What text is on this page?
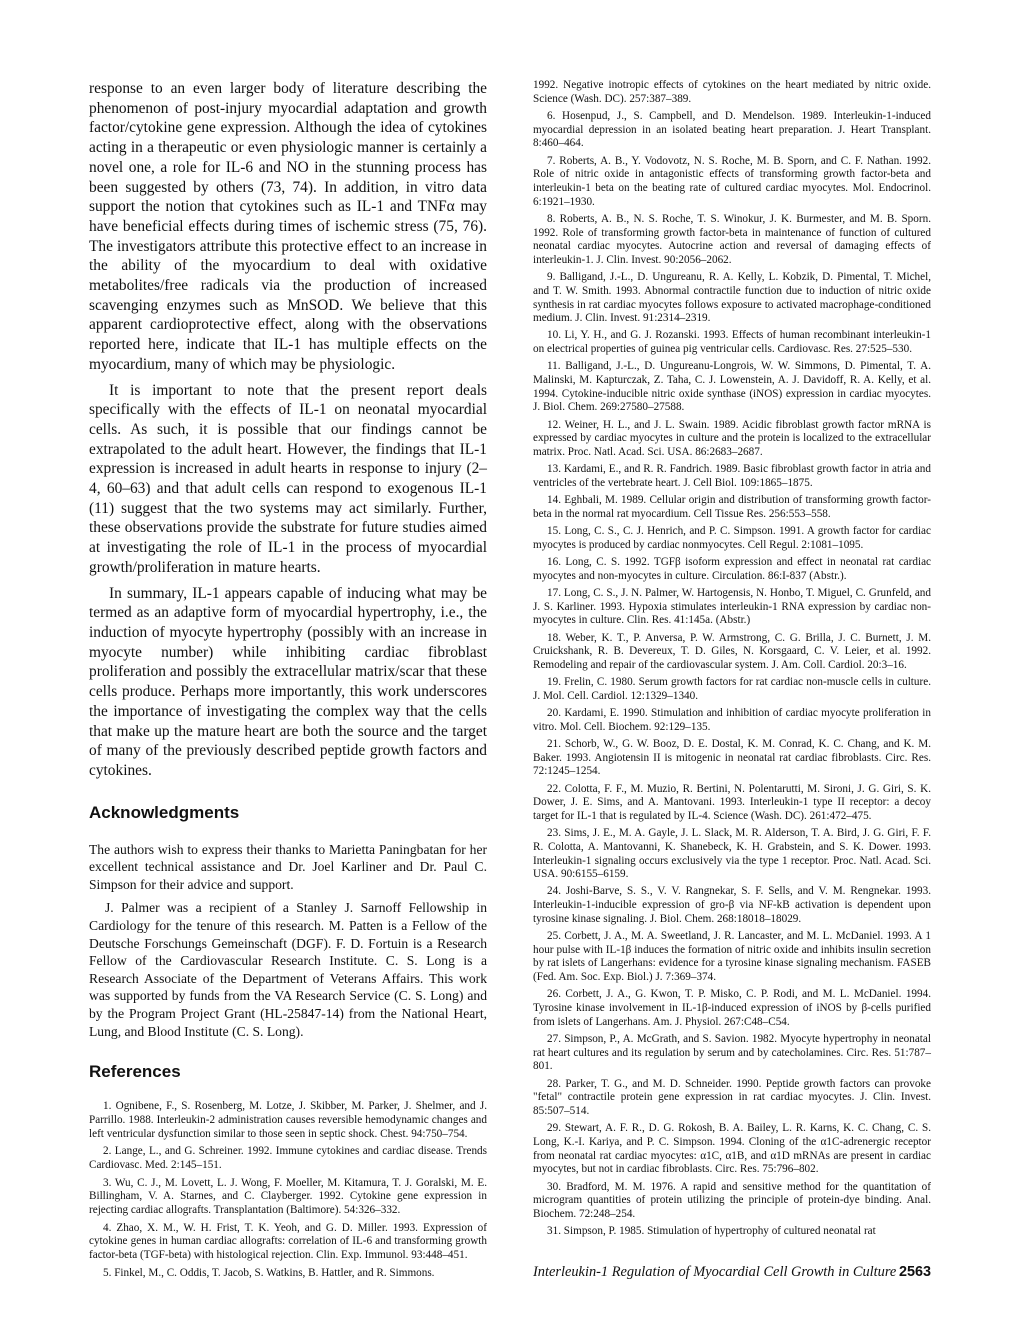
response to an even larger body of literature describing the phenomenon of post-injury myocardial adaptation and growth factor/cytokine gene expression. Although the idea of cytokines acting in a therapeutic or even physiologic manner is certainly a novel one, a role for IL-6 and NO in the stunning process has been suggested by others (73, 74). In addition, in vitro data support the notion that cytokines such as IL-1 and TNFα may have beneficial effects during times of ischemic stress (75, 76). The investigators attribute this protective effect to an increase in the ability of the myocardium to deal with oxidative metabolites/free radicals via the production of increased scavenging enzymes such as MnSOD. We believe that this apparent cardioprotective effect, along with the observations reported here, indicate that IL-1 has multiple effects on the myocardium, many of which may be physiologic.

It is important to note that the present report deals specifically with the effects of IL-1 on neonatal myocardial cells. As such, it is possible that our findings cannot be extrapolated to the adult heart. However, the findings that IL-1 expression is increased in adult hearts in response to injury (2–4, 60–63) and that adult cells can respond to exogenous IL-1 (11) suggest that the two systems may act similarly. Further, these observations provide the substrate for future studies aimed at investigating the role of IL-1 in the process of myocardial growth/proliferation in mature hearts.

In summary, IL-1 appears capable of inducing what may be termed as an adaptive form of myocardial hypertrophy, i.e., the induction of myocyte hypertrophy (possibly with an increase in myocyte number) while inhibiting cardiac fibroblast proliferation and possibly the extracellular matrix/scar that these cells produce. Perhaps more importantly, this work underscores the importance of investigating the complex way that the cells that make up the mature heart are both the source and the target of many of the previously described peptide growth factors and cytokines.

Acknowledgments

The authors wish to express their thanks to Marietta Paningbatan for her excellent technical assistance and Dr. Joel Karliner and Dr. Paul C. Simpson for their advice and support.

J. Palmer was a recipient of a Stanley J. Sarnoff Fellowship in Cardiology for the tenure of this research. M. Patten is a Fellow of the Deutsche Forschungs Gemeinschaft (DGF). F. D. Fortuin is a Research Fellow of the Cardiovascular Research Institute. C. S. Long is a Research Associate of the Department of Veterans Affairs. This work was supported by funds from the VA Research Service (C. S. Long) and by the Program Project Grant (HL-25847-14) from the National Heart, Lung, and Blood Institute (C. S. Long).

References

1. Ognibene, F., S. Rosenberg, M. Lotze, J. Skibber, M. Parker, J. Shelmer, and J. Parrillo. 1988. Interleukin-2 administration causes reversible hemodynamic changes and left ventricular dysfunction similar to those seen in septic shock. Chest. 94:750–754.

2. Lange, L., and G. Schreiner. 1992. Immune cytokines and cardiac disease. Trends Cardiovasc. Med. 2:145–151.

3. Wu, C. J., M. Lovett, L. J. Wong, F. Moeller, M. Kitamura, T. J. Goralski, M. E. Billingham, V. A. Starnes, and C. Clayberger. 1992. Cytokine gene expression in rejecting cardiac allografts. Transplantation (Baltimore). 54:326–332.

4. Zhao, X. M., W. H. Frist, T. K. Yeoh, and G. D. Miller. 1993. Expression of cytokine genes in human cardiac allografts: correlation of IL-6 and transforming growth factor-beta (TGF-beta) with histological rejection. Clin. Exp. Immunol. 93:448–451.

5. Finkel, M., C. Oddis, T. Jacob, S. Watkins, B. Hattler, and R. Simmons.

1992. Negative inotropic effects of cytokines on the heart mediated by nitric oxide. Science (Wash. DC). 257:387–389.

6. Hosenpud, J., S. Campbell, and D. Mendelson. 1989. Interleukin-1-induced myocardial depression in an isolated beating heart preparation. J. Heart Transplant. 8:460–464.

7. Roberts, A. B., Y. Vodovotz, N. S. Roche, M. B. Sporn, and C. F. Nathan. 1992. Role of nitric oxide in antagonistic effects of transforming growth factor-beta and interleukin-1 beta on the beating rate of cultured cardiac myocytes. Mol. Endocrinol. 6:1921–1930.

8. Roberts, A. B., N. S. Roche, T. S. Winokur, J. K. Burmester, and M. B. Sporn. 1992. Role of transforming growth factor-beta in maintenance of function of cultured neonatal cardiac myocytes. Autocrine action and reversal of damaging effects of interleukin-1. J. Clin. Invest. 90:2056–2062.

9. Balligand, J.-L., D. Ungureanu, R. A. Kelly, L. Kobzik, D. Pimental, T. Michel, and T. W. Smith. 1993. Abnormal contractile function due to induction of nitric oxide synthesis in rat cardiac myocytes follows exposure to activated macrophage-conditioned medium. J. Clin. Invest. 91:2314–2319.

10. Li, Y. H., and G. J. Rozanski. 1993. Effects of human recombinant interleukin-1 on electrical properties of guinea pig ventricular cells. Cardiovasc. Res. 27:525–530.

11. Balligand, J.-L., D. Ungureanu-Longrois, W. W. Simmons, D. Pimental, T. A. Malinski, M. Kapturczak, Z. Taha, C. J. Lowenstein, A. J. Davidoff, R. A. Kelly, et al. 1994. Cytokine-inducible nitric oxide synthase (iNOS) expression in cardiac myocytes. J. Biol. Chem. 269:27580–27588.

12. Weiner, H. L., and J. L. Swain. 1989. Acidic fibroblast growth factor mRNA is expressed by cardiac myocytes in culture and the protein is localized to the extracellular matrix. Proc. Natl. Acad. Sci. USA. 86:2683–2687.

13. Kardami, E., and R. R. Fandrich. 1989. Basic fibroblast growth factor in atria and ventricles of the vertebrate heart. J. Cell Biol. 109:1865–1875.

14. Eghbali, M. 1989. Cellular origin and distribution of transforming growth factor-beta in the normal rat myocardium. Cell Tissue Res. 256:553–558.

15. Long, C. S., C. J. Henrich, and P. C. Simpson. 1991. A growth factor for cardiac myocytes is produced by cardiac nonmyocytes. Cell Regul. 2:1081–1095.

16. Long, C. S. 1992. TGFβ isoform expression and effect in neonatal rat cardiac myocytes and non-myocytes in culture. Circulation. 86:I-837 (Abstr.).

17. Long, C. S., J. N. Palmer, W. Hartogensis, N. Honbo, T. Miguel, C. Grunfeld, and J. S. Karliner. 1993. Hypoxia stimulates interleukin-1 RNA expression by cardiac non-myocytes in culture. Clin. Res. 41:145a. (Abstr.)

18. Weber, K. T., P. Anversa, P. W. Armstrong, C. G. Brilla, J. C. Burnett, J. M. Cruickshank, R. B. Devereux, T. D. Giles, N. Korsgaard, C. V. Leier, et al. 1992. Remodeling and repair of the cardiovascular system. J. Am. Coll. Cardiol. 20:3–16.

19. Frelin, C. 1980. Serum growth factors for rat cardiac non-muscle cells in culture. J. Mol. Cell. Cardiol. 12:1329–1340.

20. Kardami, E. 1990. Stimulation and inhibition of cardiac myocyte proliferation in vitro. Mol. Cell. Biochem. 92:129–135.

21. Schorb, W., G. W. Booz, D. E. Dostal, K. M. Conrad, K. C. Chang, and K. M. Baker. 1993. Angiotensin II is mitogenic in neonatal rat cardiac fibroblasts. Circ. Res. 72:1245–1254.

22. Colotta, F. F., M. Muzio, R. Bertini, N. Polentarutti, M. Sironi, J. G. Giri, S. K. Dower, J. E. Sims, and A. Mantovani. 1993. Interleukin-1 type II receptor: a decoy target for IL-1 that is regulated by IL-4. Science (Wash. DC). 261:472–475.

23. Sims, J. E., M. A. Gayle, J. L. Slack, M. R. Alderson, T. A. Bird, J. G. Giri, F. F. R. Colotta, A. Mantovanni, K. Shanebeck, K. H. Grabstein, and S. K. Dower. 1993. Interleukin-1 signaling occurs exclusively via the type 1 receptor. Proc. Natl. Acad. Sci. USA. 90:6155–6159.

24. Joshi-Barve, S. S., V. V. Rangnekar, S. F. Sells, and V. M. Rengnekar. 1993. Interleukin-1-inducible expression of gro-β via NF-kB activation is dependent upon tyrosine kinase signaling. J. Biol. Chem. 268:18018–18029.

25. Corbett, J. A., M. A. Sweetland, J. R. Lancaster, and M. L. McDaniel. 1993. A 1 hour pulse with IL-1β induces the formation of nitric oxide and inhibits insulin secretion by rat islets of Langerhans: evidence for a tyrosine kinase signaling mechanism. FASEB (Fed. Am. Soc. Exp. Biol.) J. 7:369–374.

26. Corbett, J. A., G. Kwon, T. P. Misko, C. P. Rodi, and M. L. McDaniel. 1994. Tyrosine kinase involvement in IL-1β-induced expression of iNOS by β-cells purified from islets of Langerhans. Am. J. Physiol. 267:C48–C54.

27. Simpson, P., A. McGrath, and S. Savion. 1982. Myocyte hypertrophy in neonatal rat heart cultures and its regulation by serum and by catecholamines. Circ. Res. 51:787–801.

28. Parker, T. G., and M. D. Schneider. 1990. Peptide growth factors can provoke "fetal" contractile protein gene expression in rat cardiac myocytes. J. Clin. Invest. 85:507–514.

29. Stewart, A. F. R., D. G. Rokosh, B. A. Bailey, L. R. Karns, K. C. Chang, C. S. Long, K.-I. Kariya, and P. C. Simpson. 1994. Cloning of the α1C-adrenergic receptor from neonatal rat cardiac myocytes: α1C, α1B, and α1D mRNAs are present in cardiac myocytes, but not in cardiac fibroblasts. Circ. Res. 75:796–802.

30. Bradford, M. M. 1976. A rapid and sensitive method for the quantitation of microgram quantities of protein utilizing the principle of protein-dye binding. Anal. Biochem. 72:248–254.

31. Simpson, P. 1985. Stimulation of hypertrophy of cultured neonatal rat

Interleukin-1 Regulation of Myocardial Cell Growth in Culture 2563
